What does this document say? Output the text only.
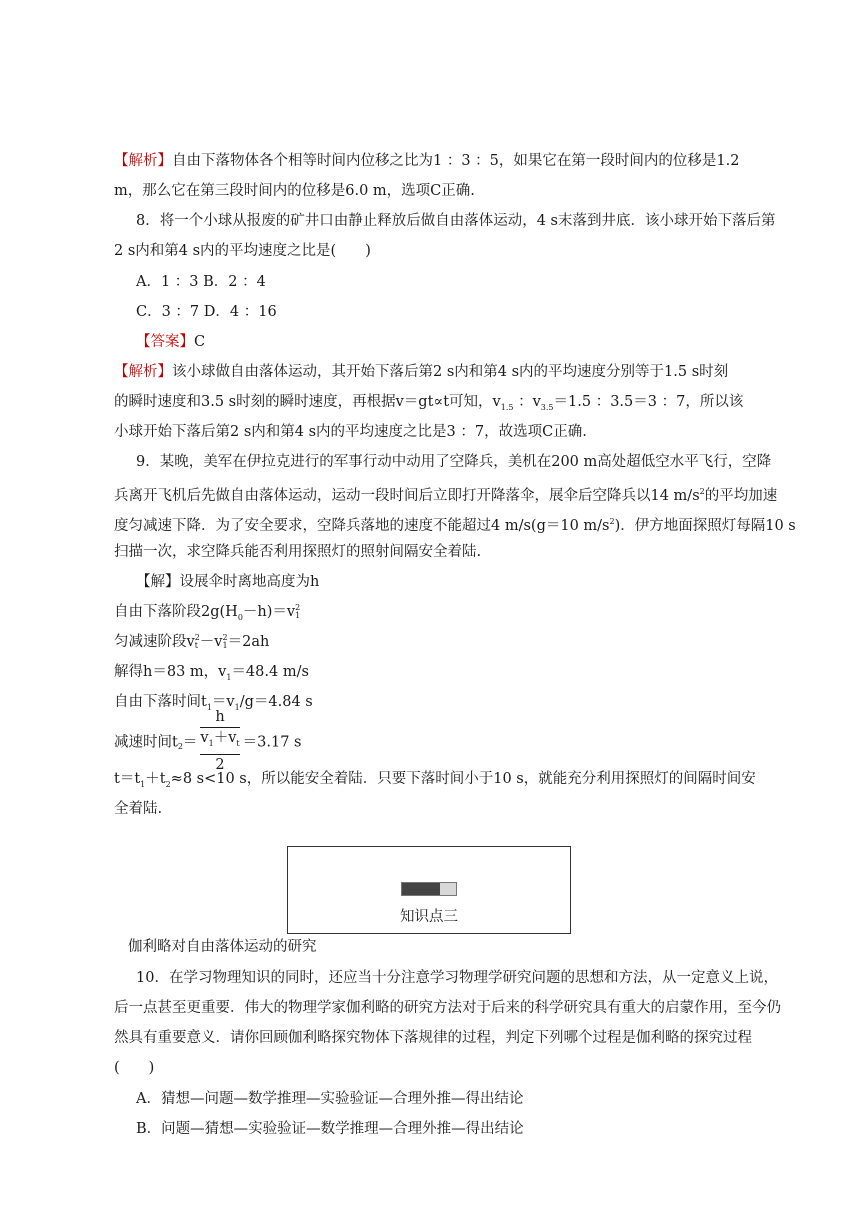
【解析】自由下落物体各个相等时间内位移之比为1 ：3 ：5，如果它在第一段时间内的位移是1.2
m，那么它在第三段时间内的位移是6.0 m，选项C正确.
8．将一个小球从报废的矿井口由静止释放后做自由落体运动，4 s末落到井底．该小球开始下落后第
2 s内和第4 s内的平均速度之比是(　　)
A．1 ：3 B．2 ：4
C．3 ：7 D．4 ：16
【答案】C
【解析】该小球做自由落体运动，其开始下落后第2 s内和第4 s内的平均速度分别等于1.5 s时刻
的瞬时速度和3.5 s时刻的瞬时速度，再根据v＝gt∝t可知，$v_{1.5}$ ：$v_{3.5}=1.5$ ：3.5＝3 ：7，所以该
小球开始下落后第2 s内和第4 s内的平均速度之比是3 ：7，故选项C正确.
9．某晚，美军在伊拉克进行的军事行动中动用了空降兵，美机在200 m高处超低空水平飞行，空降
兵离开飞机后先做自由落体运动，运动一段时间后立即打开降落伞，展伞后空降兵以14 $m/s^2$的平均加速
度匀减速下降．为了安全要求，空降兵落地的速度不能超过4 m/s(g＝10 $m/s^2$)．伊方地面探照灯每隔10 s
扫描一次，求空降兵能否利用探照灯的照射间隔安全着陆.
【解】设展伞时离地高度为h
自由下落阶段$2g(H_0-h)=v$ 2
1
匀减速阶段v 2
t －v 2
1 ＝2ah
解得h＝83 m，$v_1=48.4$ m/s
自由下落时间$t_1=v_1/g=4.84$ s
减速时间$t_2=$
h
$v_1+v_t$
2
＝3.17 s
$t=t_1+t_2\approx 8$ s<10 s，所以能安全着陆．只要下落时间小于10 s，就能充分利用探照灯的间隔时间安
全着陆.
知识点三
伽利略对自由落体运动的研究
10．在学习物理知识的同时，还应当十分注意学习物理学研究问题的思想和方法，从一定意义上说，
后一点甚至更重要．伟大的物理学家伽利略的研究方法对于后来的科学研究具有重大的启蒙作用，至今仍
然具有重要意义．请你回顾伽利略探究物体下落规律的过程，判定下列哪个过程是伽利略的探究过程
(　　)
A．猜想—问题—数学推理—实验验证—合理外推—得出结论
B．问题—猜想—实验验证—数学推理—合理外推—得出结论
